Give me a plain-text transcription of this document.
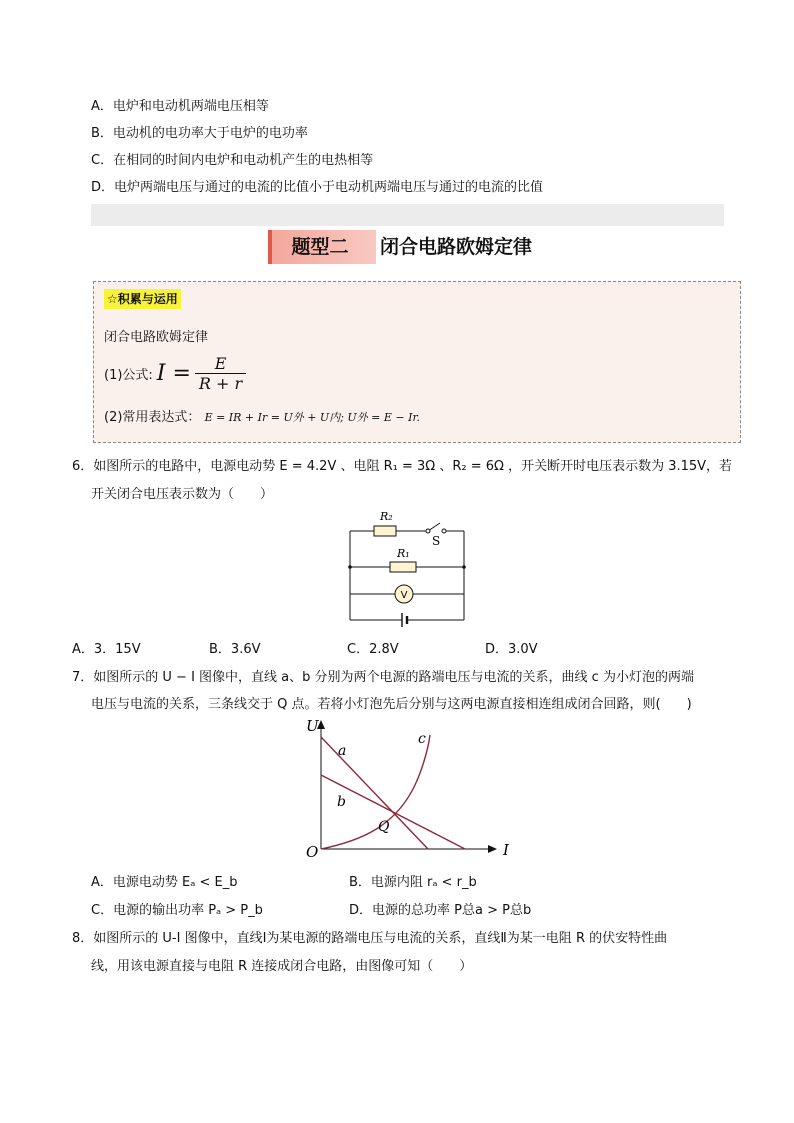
A．电炉和电动机两端电压相等
B．电动机的电功率大于电炉的电功率
C．在相同的时间内电炉和电动机产生的电热相等
D．电炉两端电压与通过的电流的比值小于电动机两端电压与通过的电流的比值
题型二	闭合电路欧姆定律
☆积累与运用
闭合电路欧姆定律
(1)公式: $I = \frac{E}{R + r}$
(2)常用表达式： E = IR + Ir = U外 + U内; U外 = E − Ir.
6．如图所示的电路中，电源电动势 E = 4.2V 、电阻 R₁ = 3Ω 、R₂ = 6Ω ，开关断开时电压表示数为 3.15V，若
开关闭合电压表示数为（　　）
R₂
R₁
S
V
A．3．15V	B．3.6V	C．2.8V	D．3.0V
7．如图所示的 U − I 图像中，直线 a、b 分别为两个电源的路端电压与电流的关系，曲线 c 为小灯泡的两端
电压与电流的关系，三条线交于 Q 点。若将小灯泡先后分别与这两电源直接相连组成闭合回路，则(　　)
U
I
O
a
b
c
Q
A．电源电动势 Eₐ < E_b	B．电源内阻 rₐ < r_b
C．电源的输出功率 Pₐ > P_b	D．电源的总功率 P总a > P总b
8．如图所示的 U-I 图像中，直线Ⅰ为某电源的路端电压与电流的关系，直线Ⅱ为某一电阻 R 的伏安特性曲
线，用该电源直接与电阻 R 连接成闭合电路，由图像可知（　　）
